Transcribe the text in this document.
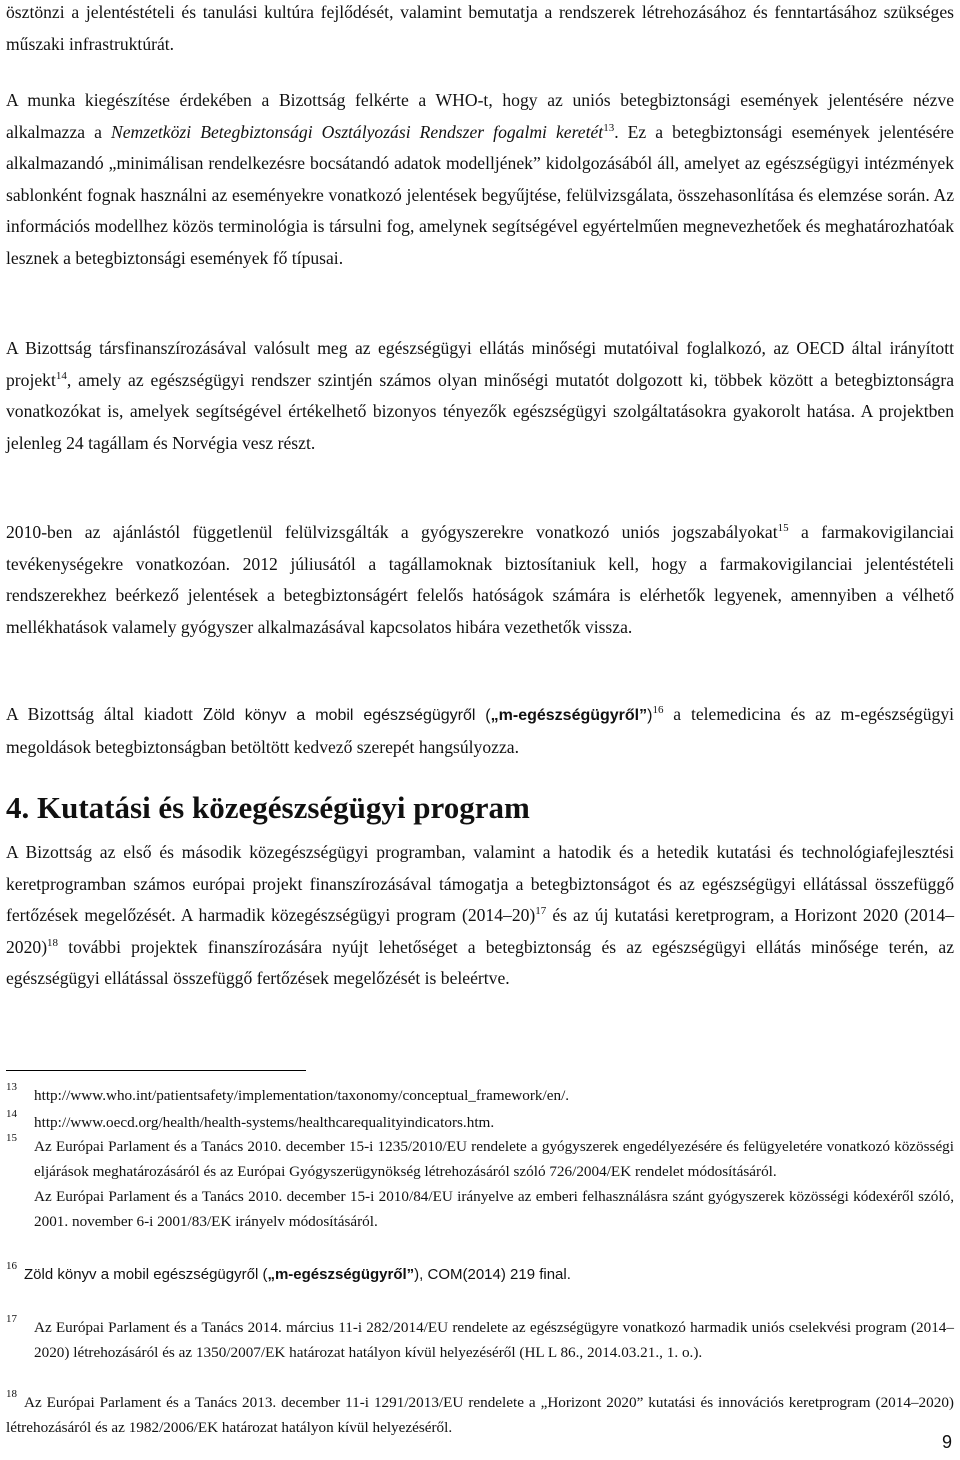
ösztönzi a jelentéstételi és tanulási kultúra fejlődését, valamint bemutatja a rendszerek létrehozásához és fenntartásához szükséges műszaki infrastruktúrát.

A munka kiegészítése érdekében a Bizottság felkérte a WHO-t, hogy az uniós betegbiztonsági események jelentésére nézve alkalmazza a Nemzetközi Betegbiztonsági Osztályozási Rendszer fogalmi keretét$^{13}$. Ez a betegbiztonsági események jelentésére alkalmazandó „minimálisan rendelkezésre bocsátandó adatok modelljének” kidolgozásából áll, amelyet az egészségügyi intézmények sablonként fognak használni az eseményekre vonatkozó jelentések begyűjtése, felülvizsgálata, összehasonlítása és elemzése során. Az információs modellhez közös terminológia is társulni fog, amelynek segítségével egyértelműen megnevezhetőek és meghatározhatóak lesznek a betegbiztonsági események fő típusai.

A Bizottság társfinanszírozásával valósult meg az egészségügyi ellátás minőségi mutatóival foglalkozó, az OECD által irányított projekt$^{14}$, amely az egészségügyi rendszer szintjén számos olyan minőségi mutatót dolgozott ki, többek között a betegbiztonságra vonatkozókat is, amelyek segítségével értékelhető bizonyos tényezők egészségügyi szolgáltatásokra gyakorolt hatása. A projektben jelenleg 24 tagállam és Norvégia vesz részt.

2010-ben az ajánlástól függetlenül felülvizsgálták a gyógyszerekre vonatkozó uniós jogszabályokat$^{15}$ a farmakovigilanciai tevékenységekre vonatkozóan. 2012 júliusától a tagállamoknak biztosítaniuk kell, hogy a farmakovigilanciai jelentéstételi rendszerekhez beérkező jelentések a betegbiztonságért felelős hatóságok számára is elérhetők legyenek, amennyiben a vélhető mellékhatások valamely gyógyszer alkalmazásával kapcsolatos hibára vezethetők vissza.

A Bizottság által kiadott Zöld könyv a mobil egészségügyről („m-egészségügyről”)$^{16}$ a telemedicina és az m-egészségügyi megoldások betegbiztonságban betöltött kedvező szerepét hangsúlyozza.

4. Kutatási és közegészségügyi program

A Bizottság az első és második közegészségügyi programban, valamint a hatodik és a hetedik kutatási és technológiafejlesztési keretprogramban számos európai projekt finanszírozásával támogatja a betegbiztonságot és az egészségügyi ellátással összefüggő fertőzések megelőzését. A harmadik közegészségügyi program (2014–20)$^{17}$ és az új kutatási keretprogram, a Horizont 2020 (2014–2020)$^{18}$ további projektek finanszírozására nyújt lehetőséget a betegbiztonság és az egészségügyi ellátás minősége terén, az egészségügyi ellátással összefüggő fertőzések megelőzését is beleértve.

13 http://www.who.int/patientsafety/implementation/taxonomy/conceptual_framework/en/.
14 http://www.oecd.org/health/health-systems/healthcarequalityindicators.htm.
15 Az Európai Parlament és a Tanács 2010. december 15-i 1235/2010/EU rendelete a gyógyszerek engedélyezésére és felügyeletére vonatkozó közösségi eljárások meghatározásáról és az Európai Gyógyszerügynökség létrehozásáról szóló 726/2004/EK rendelet módosításáról.
Az Európai Parlament és a Tanács 2010. december 15-i 2010/84/EU irányelve az emberi felhasználásra szánt gyógyszerek közösségi kódexéről szóló, 2001. november 6-i 2001/83/EK irányelv módosításáról.
16 Zöld könyv a mobil egészségügyről („m-egészségügyről”), COM(2014) 219 final.
17 Az Európai Parlament és a Tanács 2014. március 11-i 282/2014/EU rendelete az egészségügyre vonatkozó harmadik uniós cselekvési program (2014–2020) létrehozásáról és az 1350/2007/EK határozat hatályon kívül helyezéséről (HL L 86., 2014.03.21., 1. o.).
18 Az Európai Parlament és a Tanács 2013. december 11-i 1291/2013/EU rendelete a „Horizont 2020” kutatási és innovációs keretprogram (2014–2020) létrehozásáról és az 1982/2006/EK határozat hatályon kívül helyezéséről.
9
